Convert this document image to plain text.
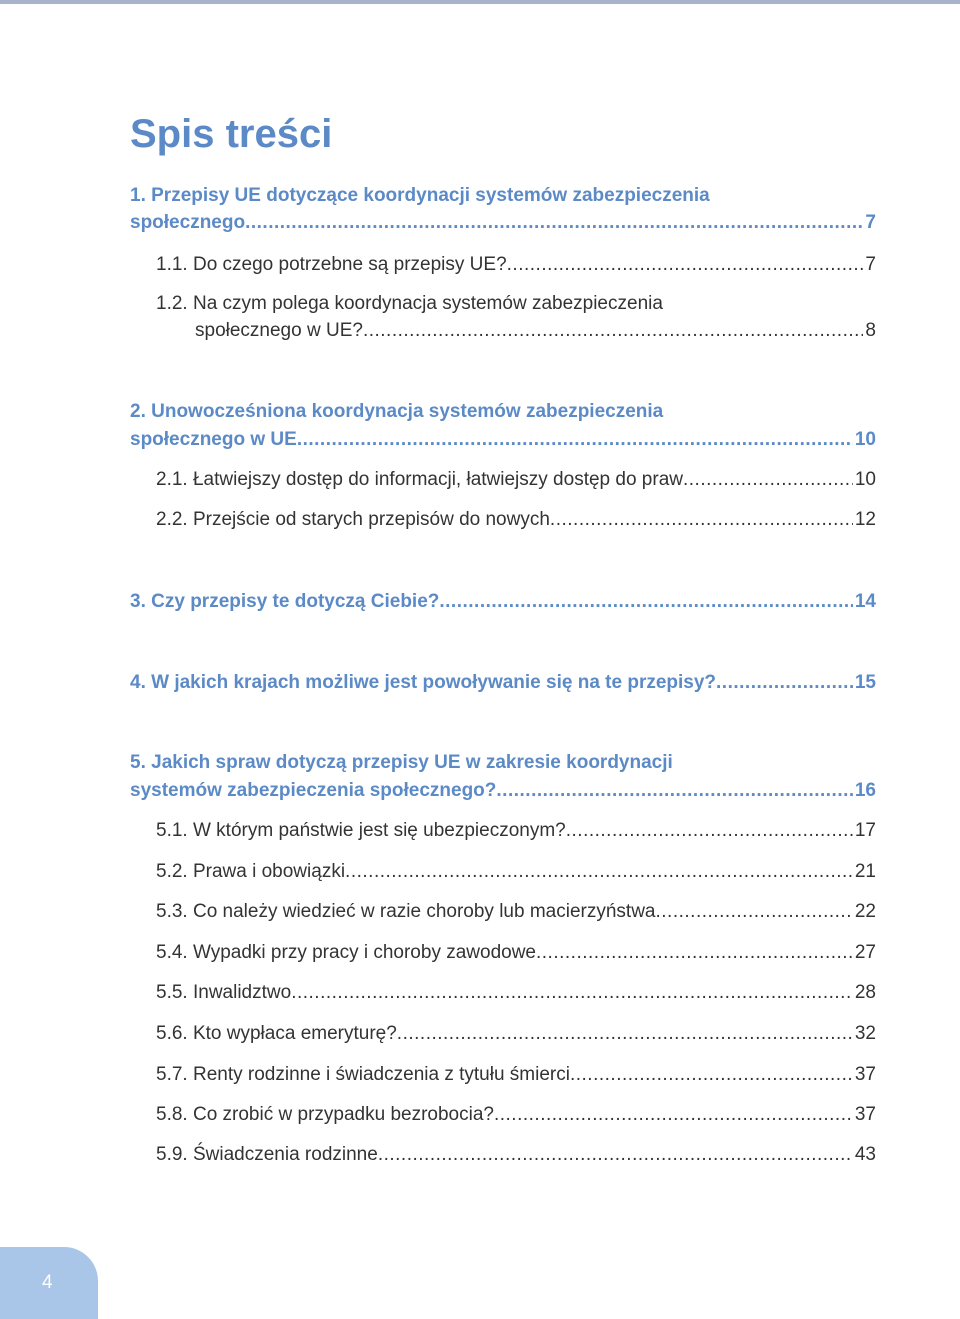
Spis treści
1. Przepisy UE dotyczące koordynacji systemów zabezpieczenia
społecznego .....	7
1.1. Do czego potrzebne są przepisy UE? .....	7
1.2. Na czym polega koordynacja systemów zabezpieczenia
społecznego w UE? .....	8
2. Unowocześniona koordynacja systemów zabezpieczenia
społecznego w UE .....	10
2.1. Łatwiejszy dostęp do informacji, łatwiejszy dostęp do praw .....	10
2.2. Przejście od starych przepisów do nowych .....	12
3. Czy przepisy te dotyczą Ciebie? .....	14
4. W jakich krajach możliwe jest powoływanie się na te przepisy? .....	15
5. Jakich spraw dotyczą przepisy UE w zakresie koordynacji
systemów zabezpieczenia społecznego? .....	16
5.1. W którym państwie jest się ubezpieczonym? .....	17
5.2. Prawa i obowiązki .....	21
5.3. Co należy wiedzieć w razie choroby lub macierzyństwa .....	22
5.4. Wypadki przy pracy i choroby zawodowe .....	27
5.5. Inwalidztwo .....	28
5.6. Kto wypłaca emeryturę? .....	32
5.7. Renty rodzinne i świadczenia z tytułu śmierci .....	37
5.8. Co zrobić w przypadku bezrobocia? .....	37
5.9. Świadczenia rodzinne .....	43
4
